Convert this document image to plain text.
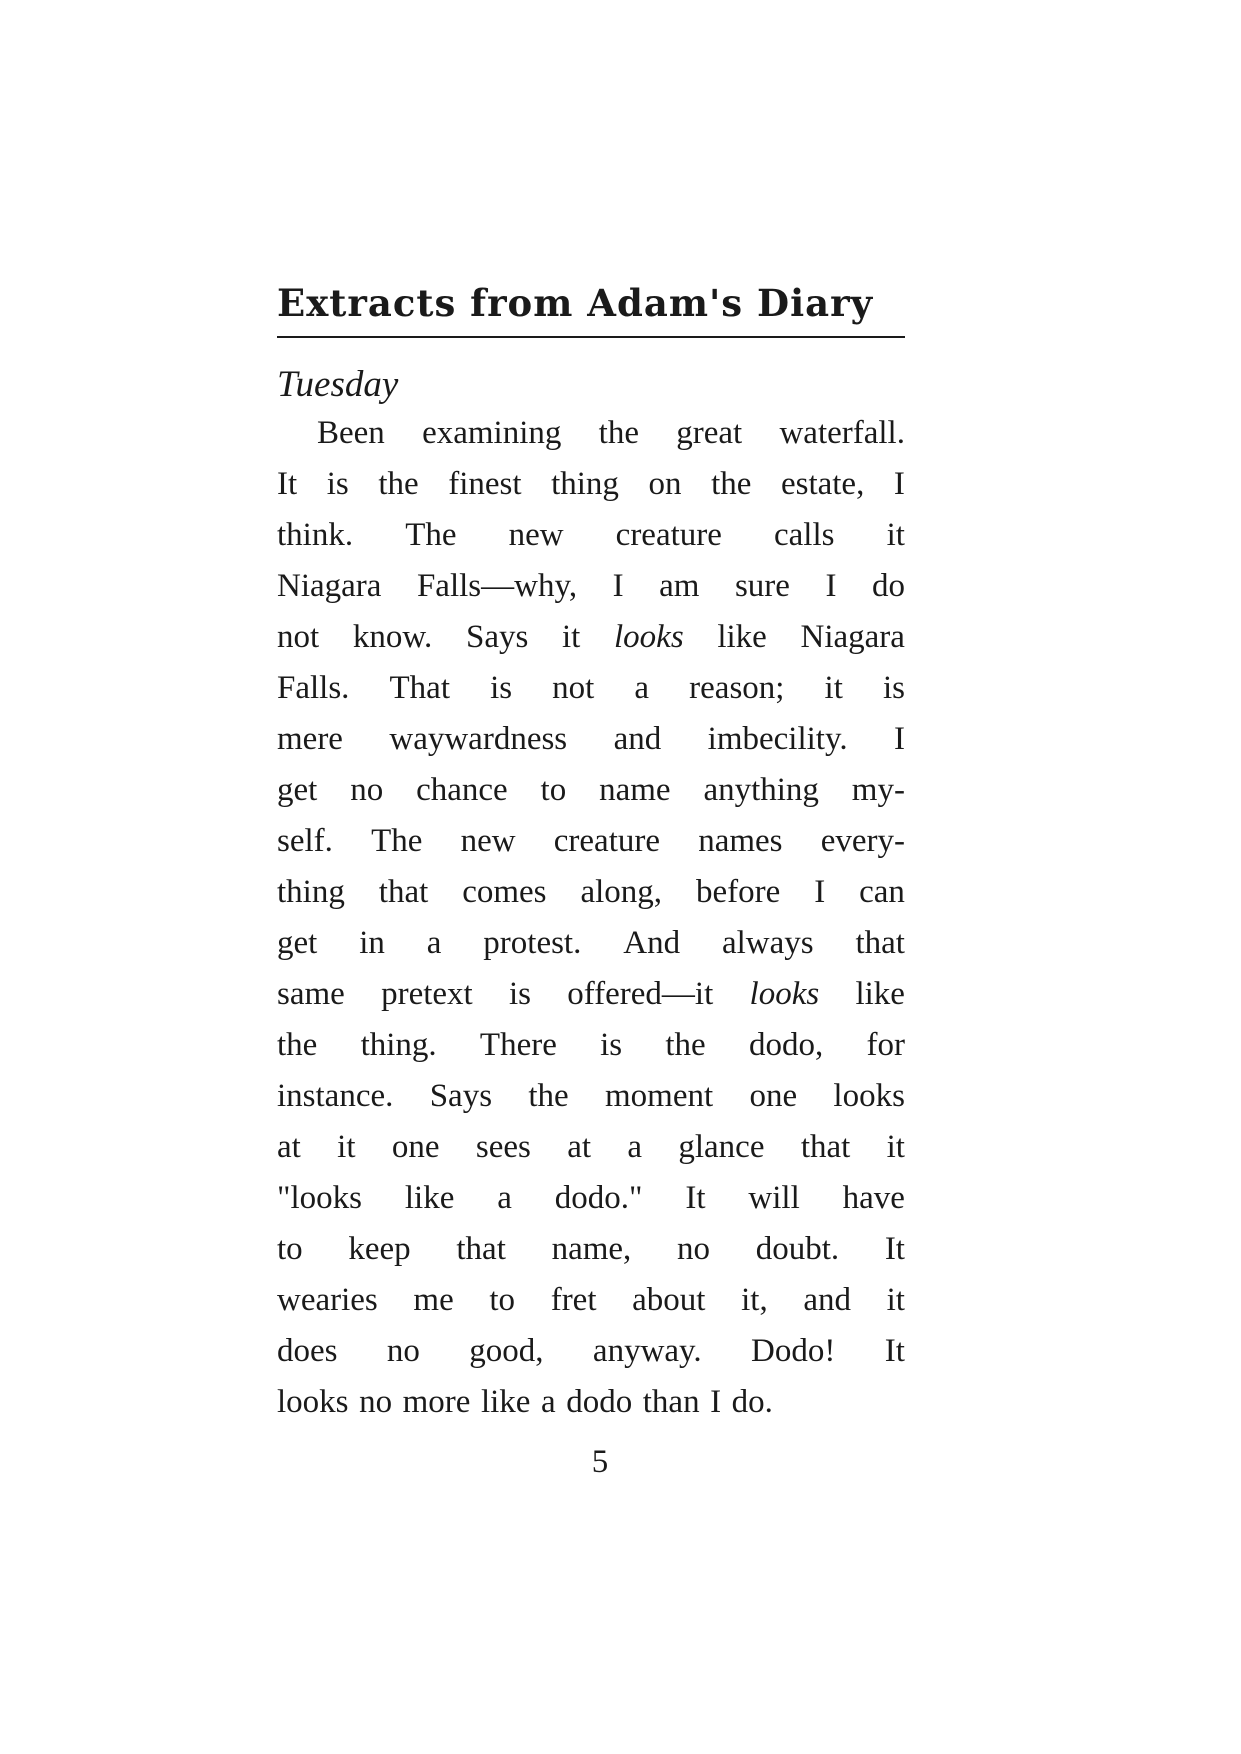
Extracts from Adam's Diary
Tuesday
Been examining the great waterfall.
It is the finest thing on the estate, I
think. The new creature calls it
Niagara Falls—why, I am sure I do
not know. Says it looks like Niagara
Falls. That is not a reason; it is
mere waywardness and imbecility. I
get no chance to name anything my-
self. The new creature names every-
thing that comes along, before I can
get in a protest. And always that
same pretext is offered—it looks like
the thing. There is the dodo, for
instance. Says the moment one looks
at it one sees at a glance that it
"looks like a dodo." It will have
to keep that name, no doubt. It
wearies me to fret about it, and it
does no good, anyway. Dodo! It
looks no more like a dodo than I do.
5
